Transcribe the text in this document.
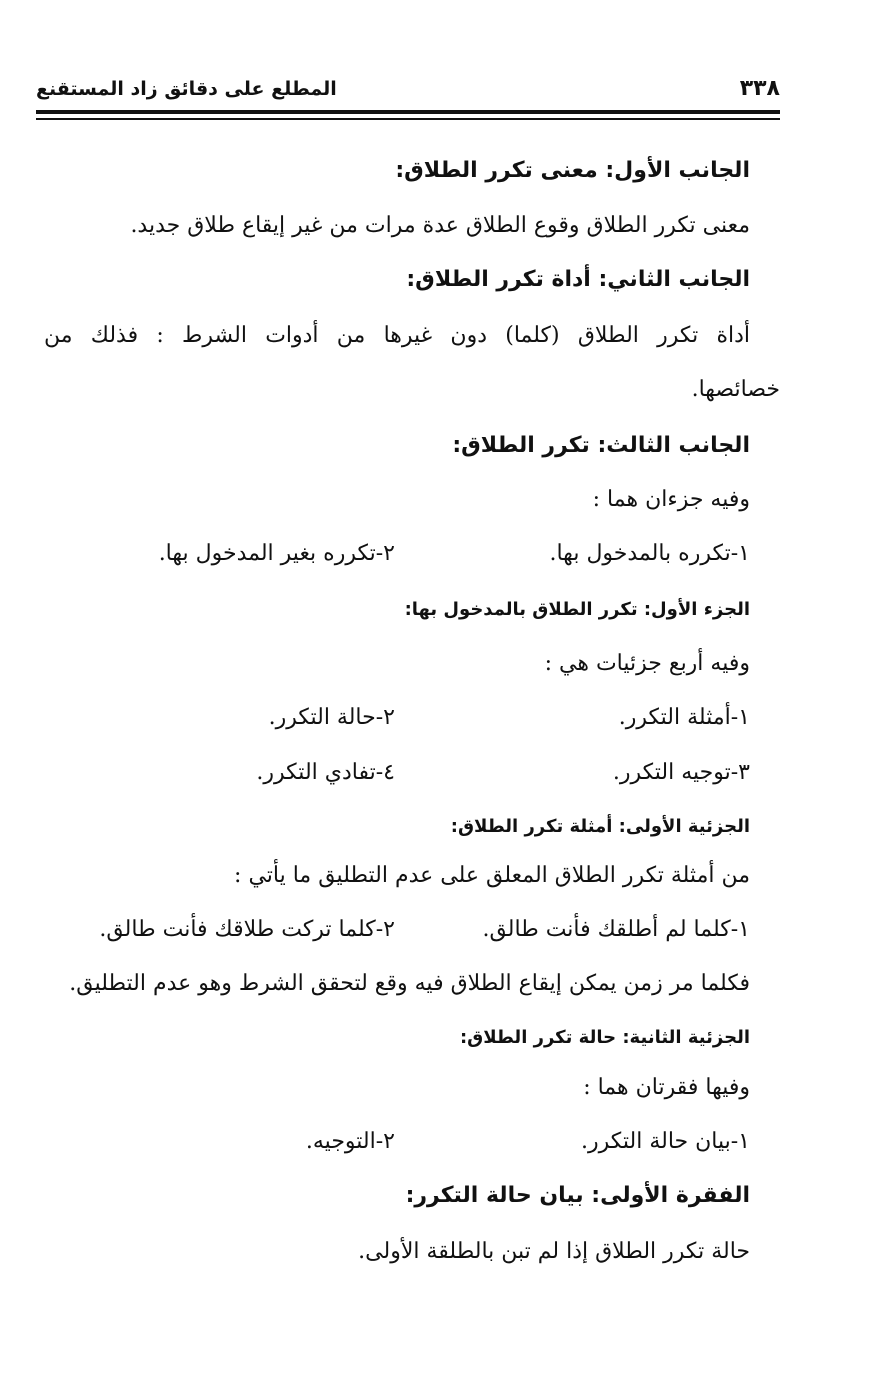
٣٣٨
المطلع على دقائق زاد المستقنع
الجانب الأول: معنى تكرر الطلاق:
معنى تكرر الطلاق وقوع الطلاق عدة مرات من غير إيقاع طلاق جديد.
الجانب الثاني: أداة تكرر الطلاق:
أداة تكرر الطلاق (كلما) دون غيرها من أدوات الشرط : فذلك من
خصائصها.
الجانب الثالث: تكرر الطلاق:
وفيه جزءان هما :
١-تكرره بالمدخول بها.
٢-تكرره بغير المدخول بها.
الجزء الأول: تكرر الطلاق بالمدخول بها:
وفيه أربع جزئيات هي :
١-أمثلة التكرر.
٢-حالة التكرر.
٣-توجيه التكرر.
٤-تفادي التكرر.
الجزئية الأولى: أمثلة تكرر الطلاق:
من أمثلة تكرر الطلاق المعلق على عدم التطليق ما يأتي :
١-كلما لم أطلقك فأنت طالق.
٢-كلما تركت طلاقك فأنت طالق.
فكلما مر زمن يمكن إيقاع الطلاق فيه وقع لتحقق الشرط وهو عدم التطليق.
الجزئية الثانية: حالة تكرر الطلاق:
وفيها فقرتان هما :
١-بيان حالة التكرر.
٢-التوجيه.
الفقرة الأولى: بيان حالة التكرر:
حالة تكرر الطلاق إذا لم تبن بالطلقة الأولى.
